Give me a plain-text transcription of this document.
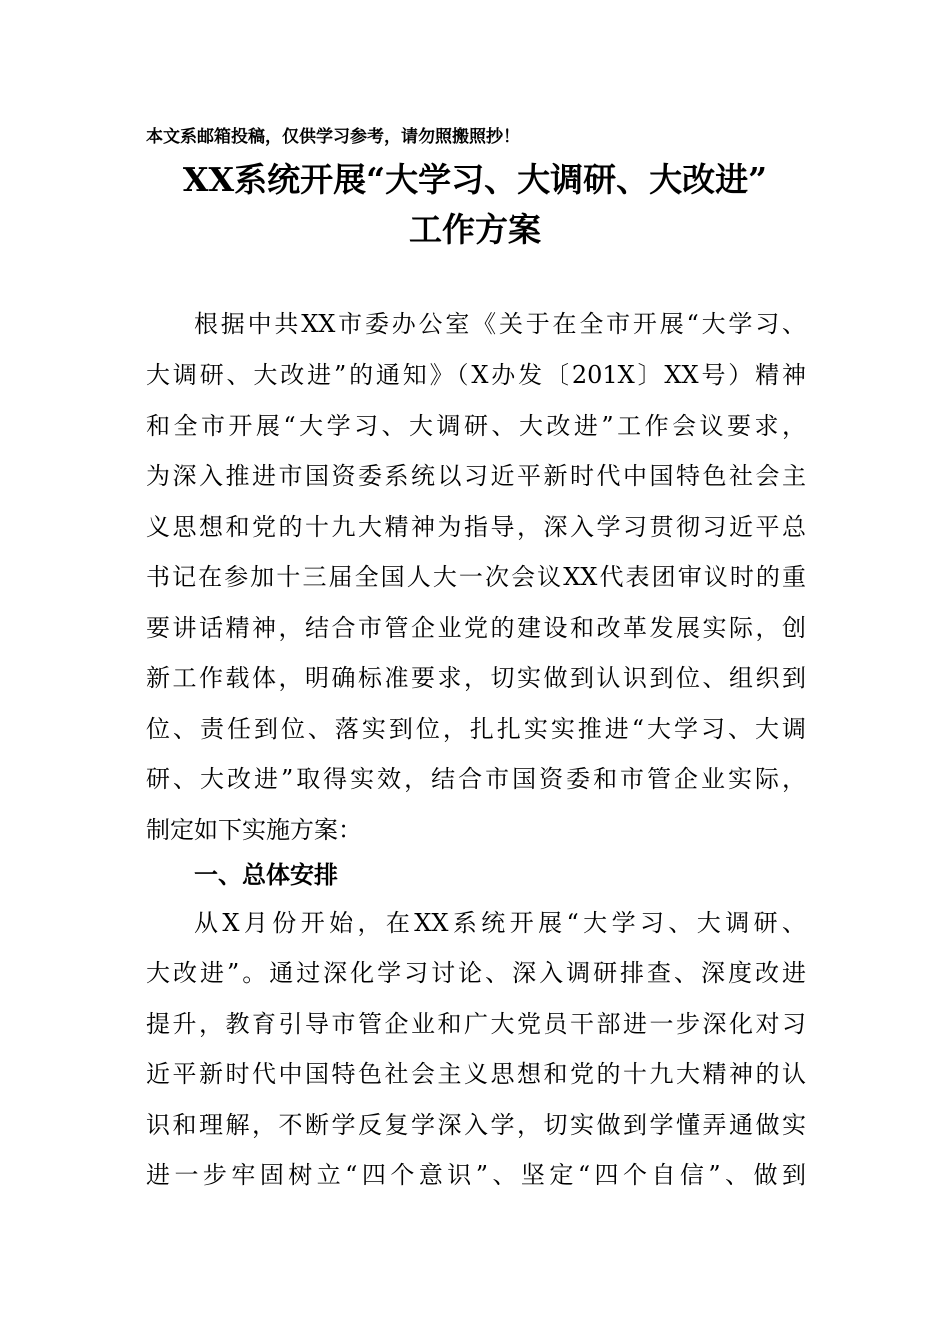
本文系邮箱投稿，仅供学习参考，请勿照搬照抄！
XX系统开展“大学习、大调研、大改进”
工作方案
根据中共XX市委办公室《关于在全市开展“大学习、
大调研、大改进”的通知》（X办发〔201X〕XX号）精神
和全市开展“大学习、大调研、大改进”工作会议要求，
为深入推进市国资委系统以习近平新时代中国特色社会主
义思想和党的十九大精神为指导，深入学习贯彻习近平总
书记在参加十三届全国人大一次会议XX代表团审议时的重
要讲话精神，结合市管企业党的建设和改革发展实际，创
新工作载体，明确标准要求，切实做到认识到位、组织到
位、责任到位、落实到位，扎扎实实推进“大学习、大调
研、大改进”取得实效，结合市国资委和市管企业实际，
制定如下实施方案：
一、总体安排
从X月份开始，在XX系统开展“大学习、大调研、
大改进”。通过深化学习讨论、深入调研排查、深度改进
提升，教育引导市管企业和广大党员干部进一步深化对习
近平新时代中国特色社会主义思想和党的十九大精神的认
识和理解，不断学反复学深入学，切实做到学懂弄通做实
进一步牢固树立“四个意识”、坚定“四个自信”、做到
